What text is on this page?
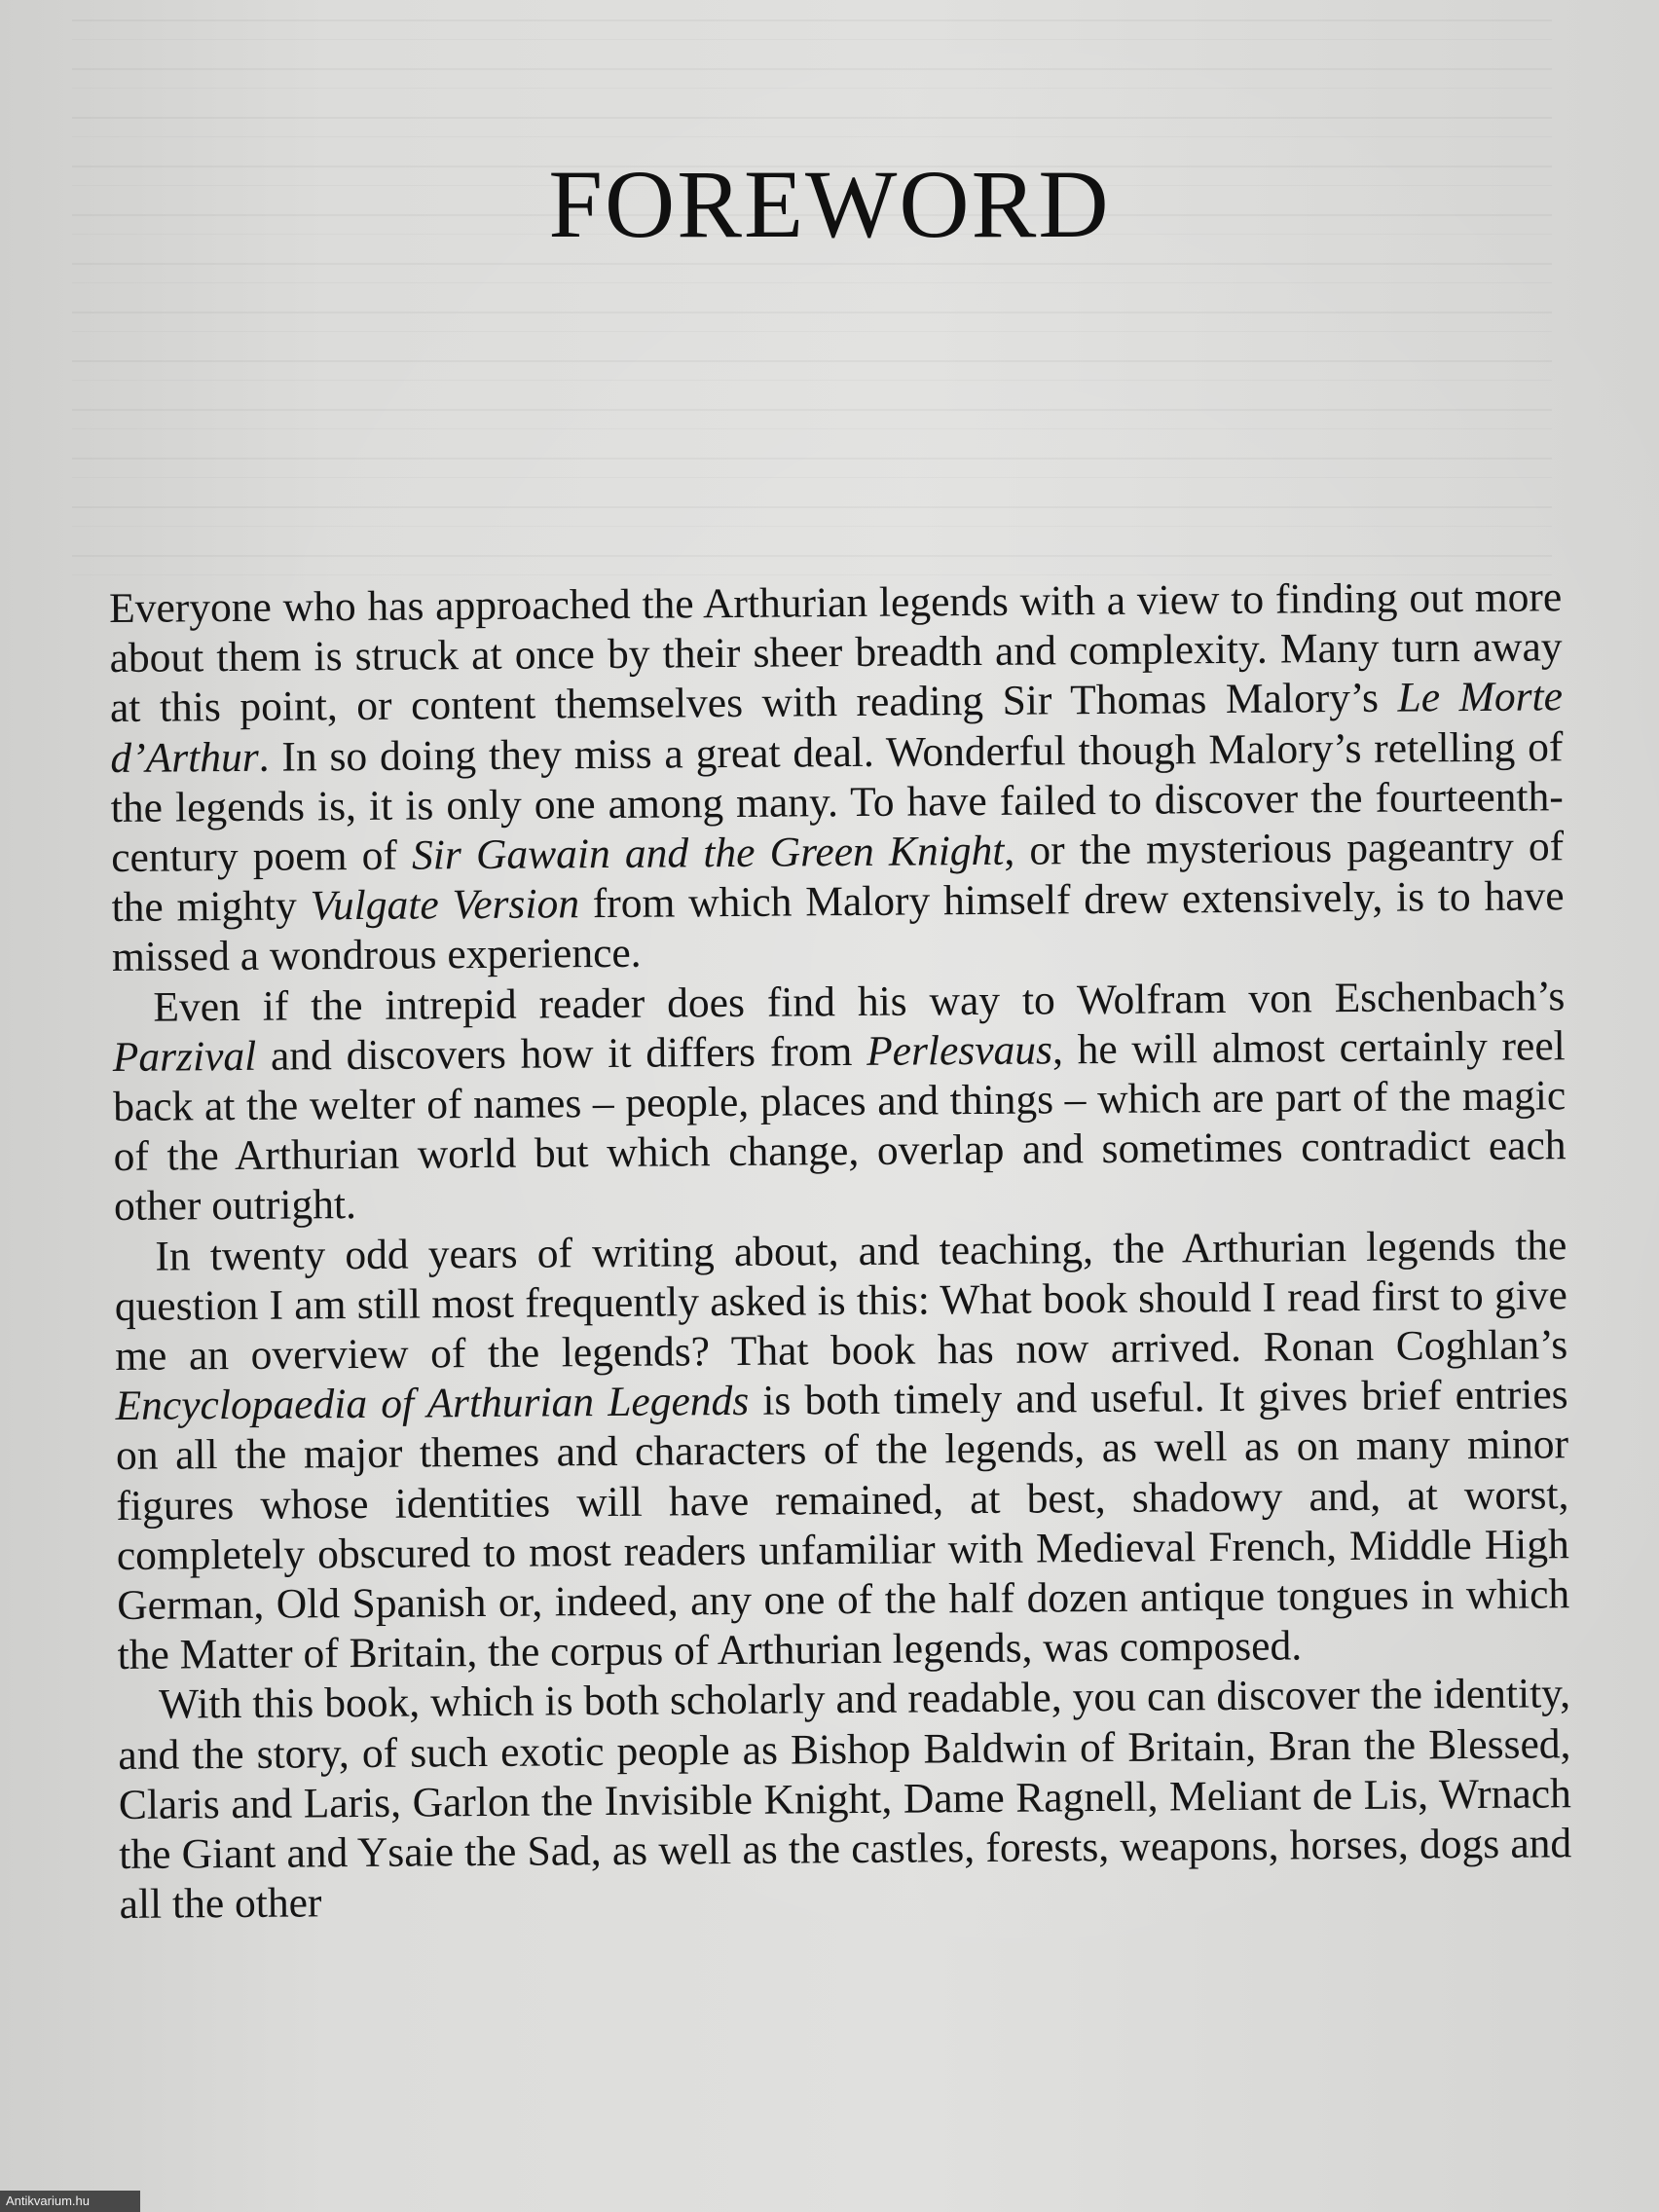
FOREWORD

Everyone who has approached the Arthurian legends with a view to finding out more about them is struck at once by their sheer breadth and complexity. Many turn away at this point, or content themselves with reading Sir Thomas Malory’s Le Morte d’Arthur. In so doing they miss a great deal. Wonderful though Malory’s retelling of the legends is, it is only one among many. To have failed to discover the fourteenth-century poem of Sir Gawain and the Green Knight, or the mysterious pageantry of the mighty Vulgate Version from which Malory himself drew extensively, is to have missed a wondrous experience.

Even if the intrepid reader does find his way to Wolfram von Eschenbach’s Parzival and discovers how it differs from Perlesvaus, he will almost certainly reel back at the welter of names – people, places and things – which are part of the magic of the Arthurian world but which change, overlap and sometimes contradict each other outright.

In twenty odd years of writing about, and teaching, the Arthurian legends the question I am still most frequently asked is this: What book should I read first to give me an overview of the legends? That book has now arrived. Ronan Coghlan’s Encyclopaedia of Arthurian Legends is both timely and useful. It gives brief entries on all the major themes and characters of the legends, as well as on many minor figures whose identities will have remained, at best, shadowy and, at worst, completely obscured to most readers unfamiliar with Medieval French, Middle High German, Old Spanish or, indeed, any one of the half dozen antique tongues in which the Matter of Britain, the corpus of Arthurian legends, was composed.

With this book, which is both scholarly and readable, you can discover the identity, and the story, of such exotic people as Bishop Baldwin of Britain, Bran the Blessed, Claris and Laris, Garlon the Invisible Knight, Dame Ragnell, Meliant de Lis, Wrnach the Giant and Ysaie the Sad, as well as the castles, forests, weapons, horses, dogs and all the other

Antikvarium.hu
